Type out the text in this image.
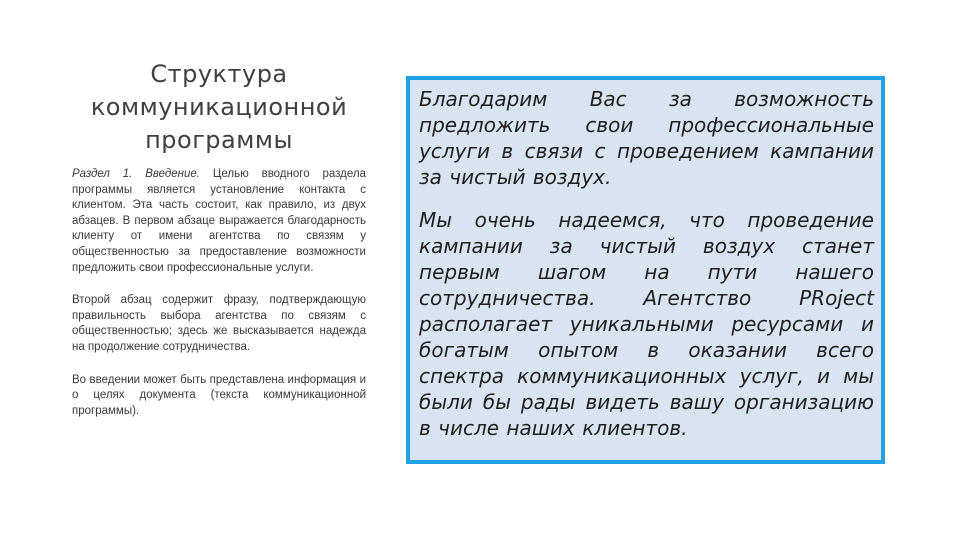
Структура коммуникационной программы

Раздел 1. Введение. Целью вводного раздела программы является установление контакта с клиентом. Эта часть состоит, как правило, из двух абзацев. В первом абзаце выражается благодарность клиенту от имени агентства по связям у общественностью за предоставление возможности предложить свои профессиональные услуги.

Второй абзац содержит фразу, подтверждающую правильность выбора агентства по связям с общественностью; здесь же высказывается надежда на продолжение сотрудничества.

Во введении может быть представлена информация и о целях документа (текста коммуникационной программы).

Благодарим Вас за возможность предложить свои профессиональные услуги в связи с проведением кампании за чистый воздух.

Мы очень надеемся, что проведение кампании за чистый воздух станет первым шагом на пути нашего сотрудничества. Агентство PRoject располагает уникальными ресурсами и богатым опытом в оказании всего спектра коммуникационных услуг, и мы были бы рады видеть вашу организацию в числе наших клиентов.
